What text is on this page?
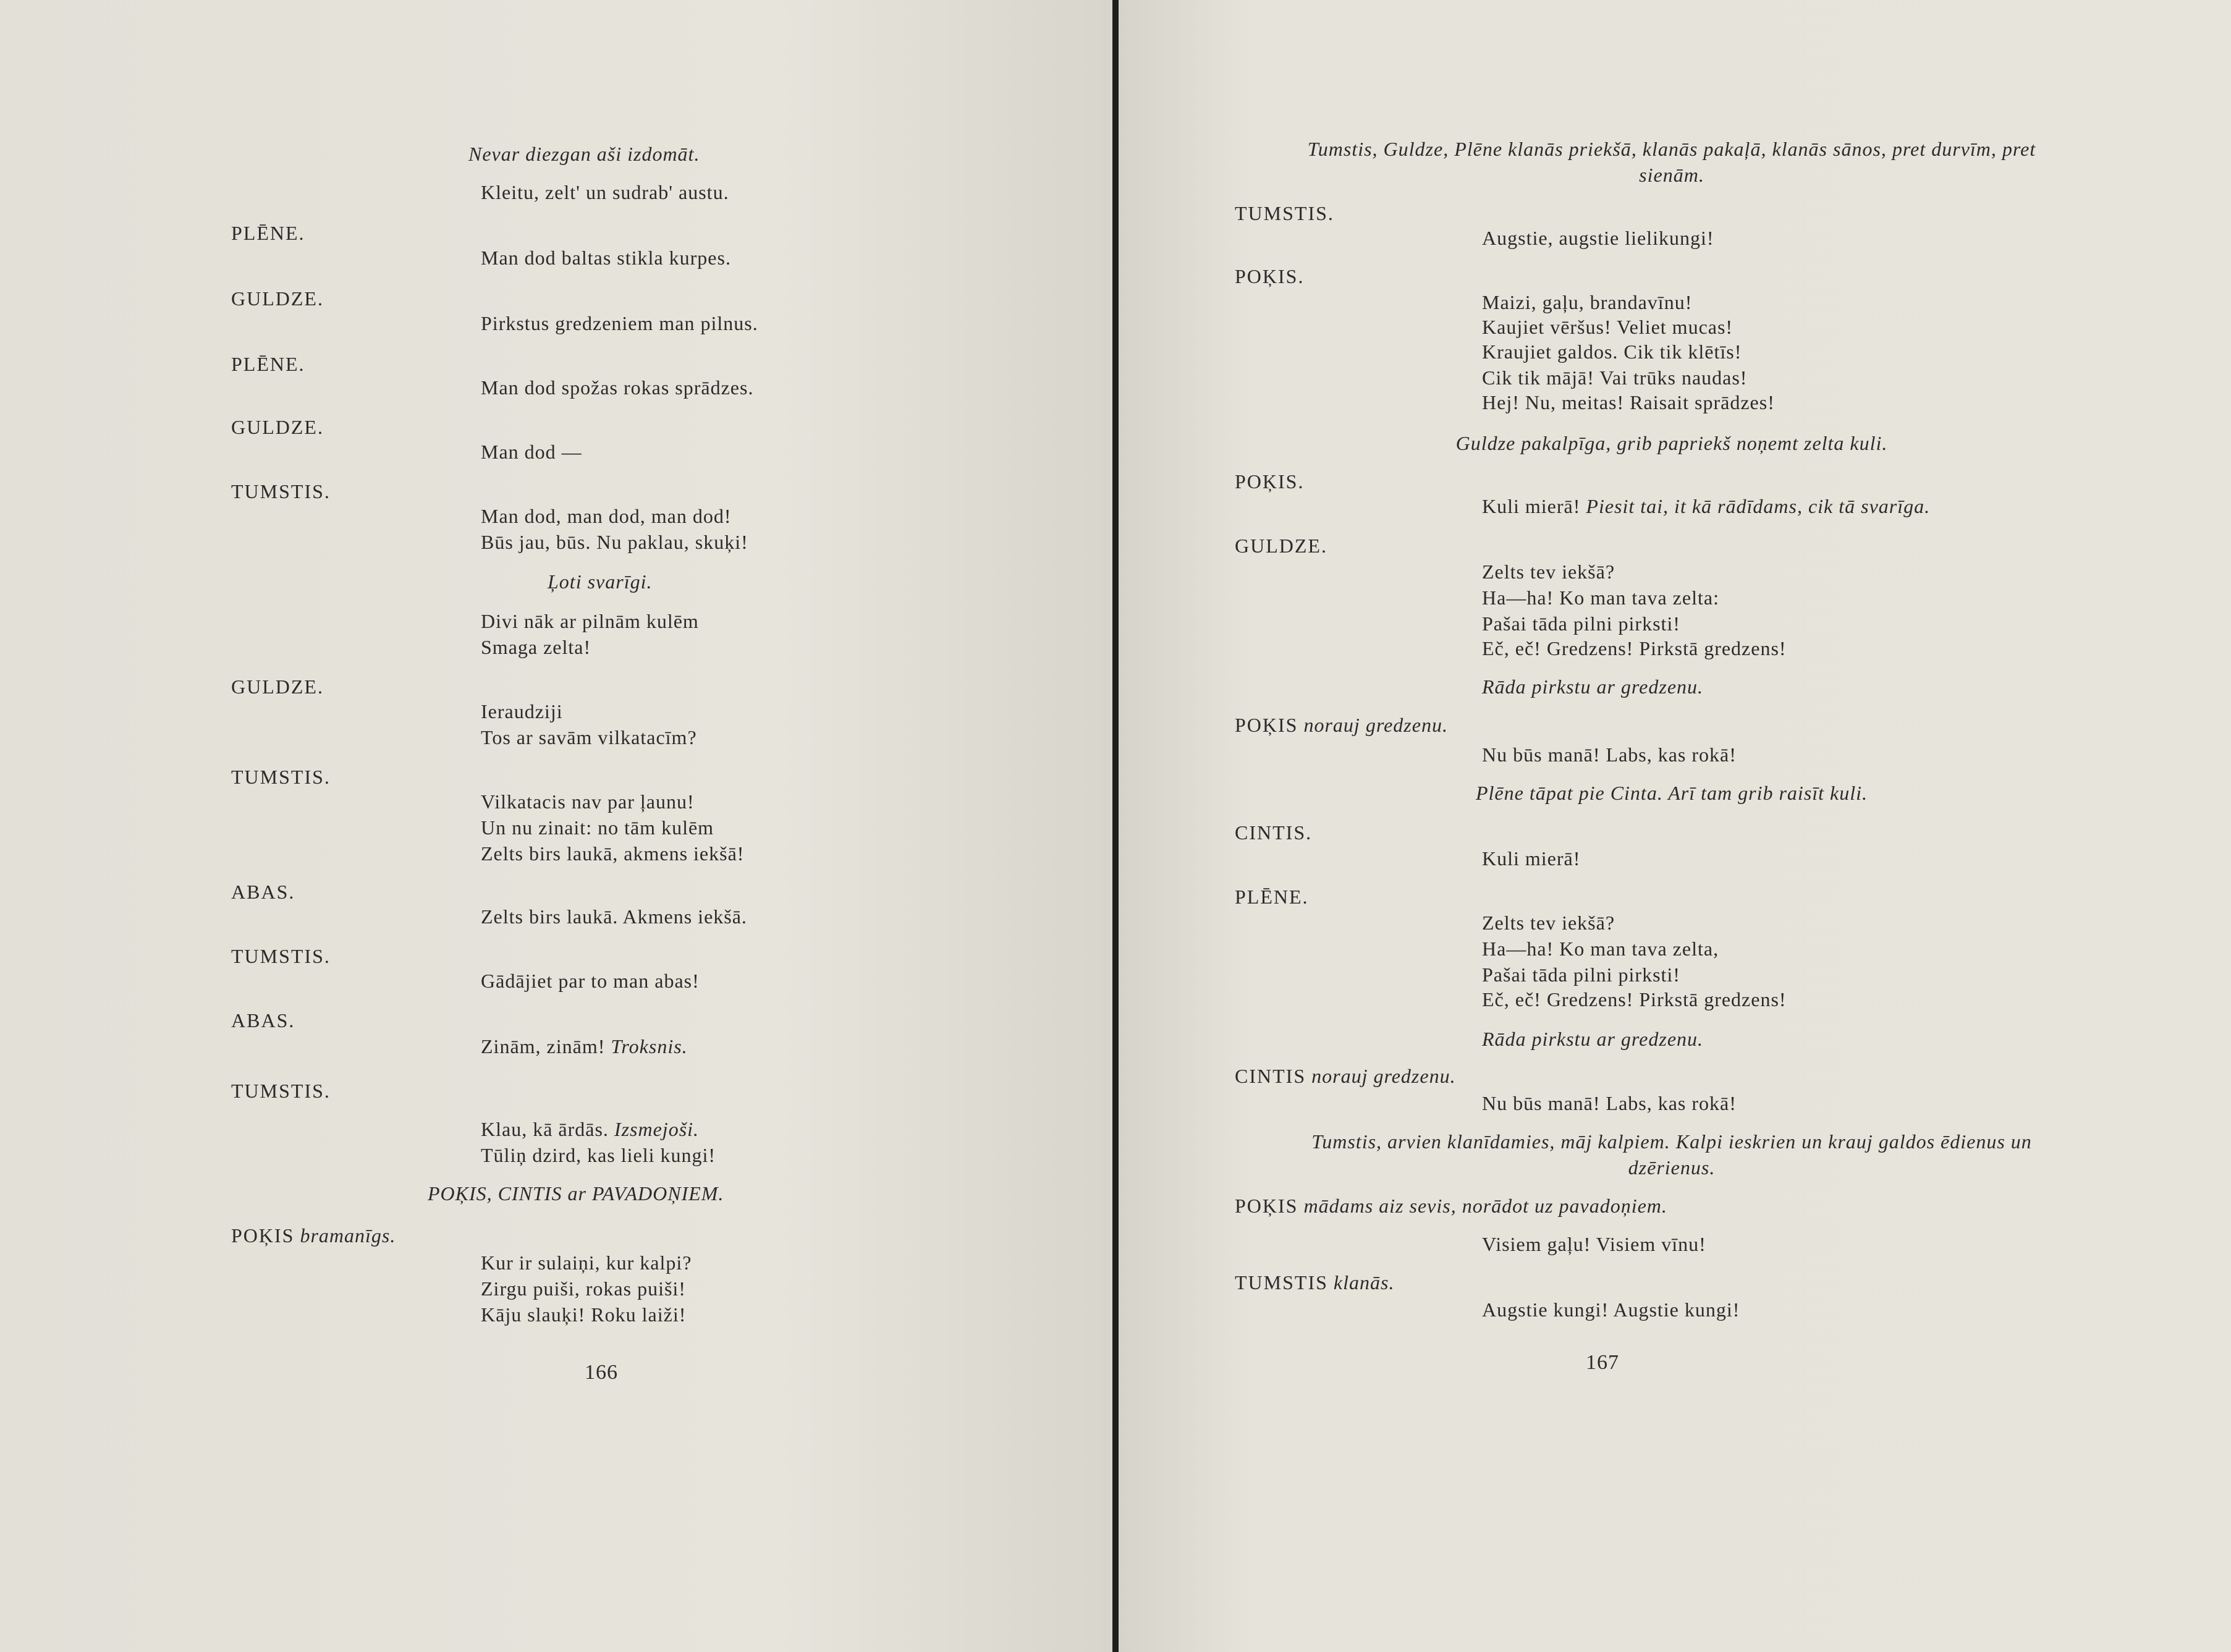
Nevar diezgan aši izdomāt.
Kleitu, zelt' un sudrab' austu.
PLĒNE.
Man dod baltas stikla kurpes.
GULDZE.
Pirkstus gredzeniem man pilnus.
PLĒNE.
Man dod spožas rokas sprādzes.
GULDZE.
Man dod —
TUMSTIS.
Man dod, man dod, man dod!
Būs jau, būs. Nu paklau, skuķi!
Ļoti svarīgi.
Divi nāk ar pilnām kulēm
Smaga zelta!
GULDZE.
Ieraudziji
Tos ar savām vilkatacīm?
TUMSTIS.
Vilkatacis nav par ļaunu!
Un nu zinait: no tām kulēm
Zelts birs laukā, akmens iekšā!
ABAS.
Zelts birs laukā. Akmens iekšā.
TUMSTIS.
Gādājiet par to man abas!
ABAS.
Zinām, zinām! Troksnis.
TUMSTIS.
Klau, kā ārdās. Izsmejoši.
Tūliņ dzird, kas lieli kungi!
POĶIS, CINTIS ar PAVADOŅIEM.
POĶIS bramanīgs.
Kur ir sulaiņi, kur kalpi?
Zirgu puiši, rokas puiši!
Kāju slauķi! Roku laiži!
166
Tumstis, Guldze, Plēne klanās priekšā, klanās pakaļā, klanās sānos, pret durvīm, pret
sienām.
TUMSTIS.
Augstie, augstie lielikungi!
POĶIS.
Maizi, gaļu, brandavīnu!
Kaujiet vēršus! Veliet mucas!
Kraujiet galdos. Cik tik klētīs!
Cik tik mājā! Vai trūks naudas!
Hej! Nu, meitas! Raisait sprādzes!
Guldze pakalpīga, grib papriekš noņemt zelta kuli.
POĶIS.
Kuli mierā! Piesit tai, it kā rādīdams, cik tā svarīga.
GULDZE.
Zelts tev iekšā?
Ha—ha! Ko man tava zelta:
Pašai tāda pilni pirksti!
Eč, eč! Gredzens! Pirkstā gredzens!
Rāda pirkstu ar gredzenu.
POĶIS norauj gredzenu.
Nu būs manā! Labs, kas rokā!
Plēne tāpat pie Cinta. Arī tam grib raisīt kuli.
CINTIS.
Kuli mierā!
PLĒNE.
Zelts tev iekšā?
Ha—ha! Ko man tava zelta,
Pašai tāda pilni pirksti!
Eč, eč! Gredzens! Pirkstā gredzens!
Rāda pirkstu ar gredzenu.
CINTIS norauj gredzenu.
Nu būs manā! Labs, kas rokā!
Tumstis, arvien klanīdamies, māj kalpiem. Kalpi ieskrien un krauj galdos ēdienus un
dzērienus.
POĶIS mādams aiz sevis, norādot uz pavadoņiem.
Visiem gaļu! Visiem vīnu!
TUMSTIS klanās.
Augstie kungi! Augstie kungi!
167
